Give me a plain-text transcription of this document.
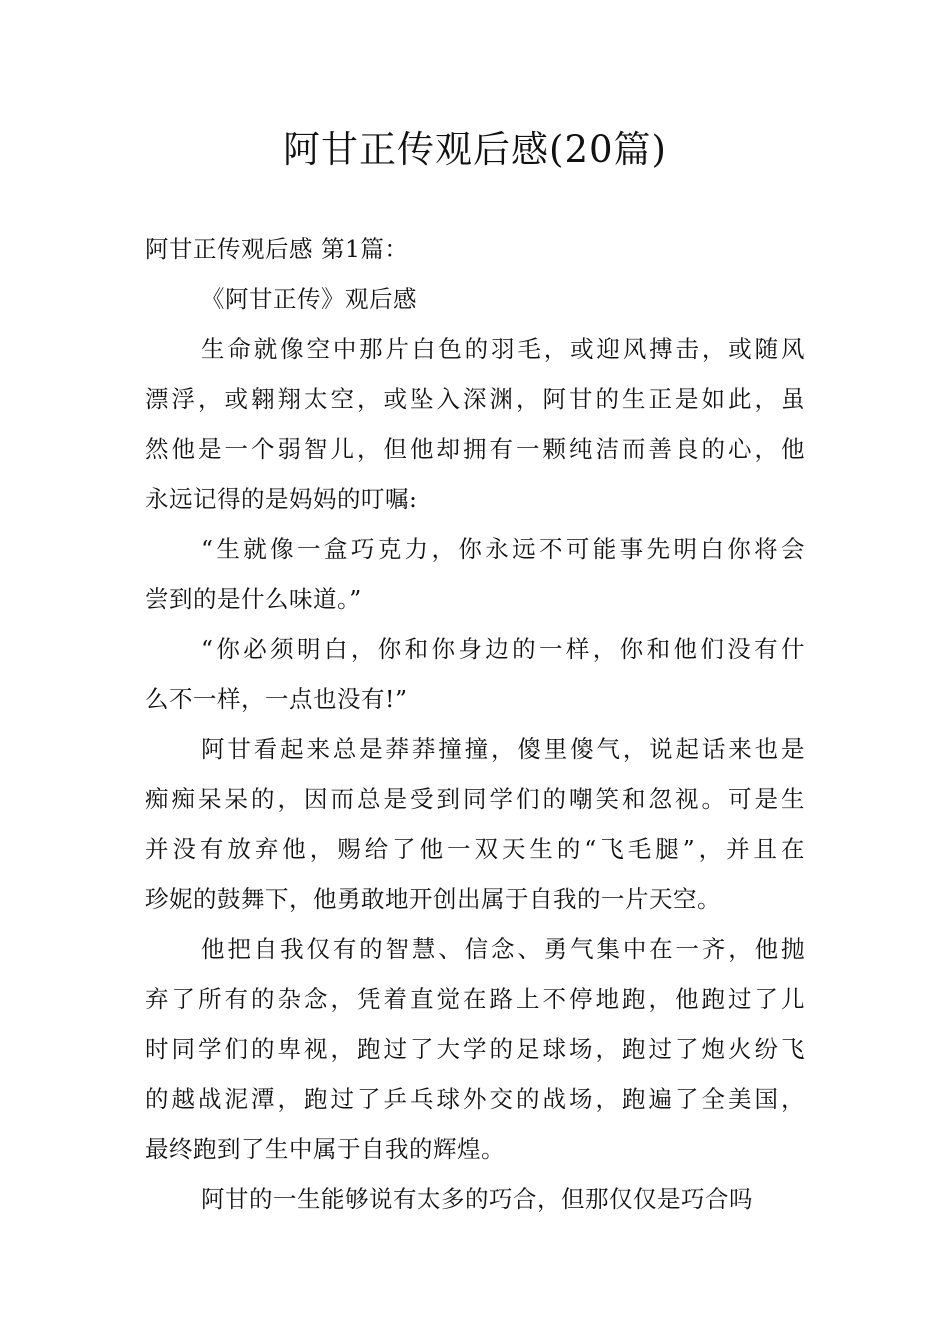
阿甘正传观后感(20篇)
阿甘正传观后感 第1篇：
《阿甘正传》观后感
生命就像空中那片白色的羽毛，或迎风搏击，或随风
漂浮，或翱翔太空，或坠入深渊，阿甘的生正是如此，虽
然他是一个弱智儿，但他却拥有一颗纯洁而善良的心，他
永远记得的是妈妈的叮嘱:
“生就像一盒巧克力，你永远不可能事先明白你将会
尝到的是什么味道。”
“你必须明白，你和你身边的一样，你和他们没有什
么不一样，一点也没有!”
阿甘看起来总是莽莽撞撞，傻里傻气，说起话来也是
痴痴呆呆的，因而总是受到同学们的嘲笑和忽视。可是生
并没有放弃他，赐给了他一双天生的“飞毛腿”，并且在
珍妮的鼓舞下，他勇敢地开创出属于自我的一片天空。
他把自我仅有的智慧、信念、勇气集中在一齐，他抛
弃了所有的杂念，凭着直觉在路上不停地跑，他跑过了儿
时同学们的卑视，跑过了大学的足球场，跑过了炮火纷飞
的越战泥潭，跑过了乒乓球外交的战场，跑遍了全美国，
最终跑到了生中属于自我的辉煌。
阿甘的一生能够说有太多的巧合，但那仅仅是巧合吗
